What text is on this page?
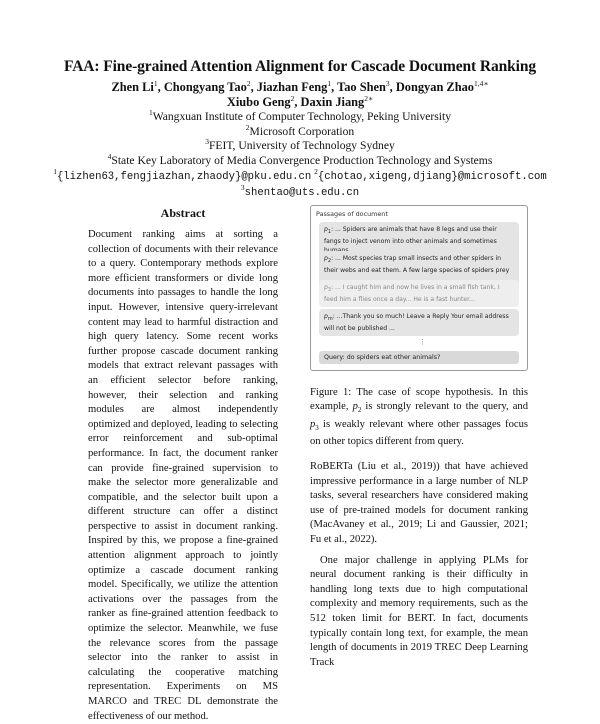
FAA: Fine-grained Attention Alignment for Cascade Document Ranking
Zhen Li$^1$, Chongyang Tao$^2$, Jiazhan Feng$^1$, Tao Shen$^3$, Dongyan Zhao$^{1,4∗}$
Xiubo Geng$^2$, Daxin Jiang$^{2∗}$
$^1$Wangxuan Institute of Computer Technology, Peking University
$^2$Microsoft Corporation
$^3$FEIT, University of Technology Sydney
$^4$State Key Laboratory of Media Convergence Production Technology and Systems
$^1${lizhen63,fengjiazhan,zhaody}@pku.edu.cn $^2${chotao,xigeng,djiang}@microsoft.com
$^3$shentao@uts.edu.cn
Abstract
Document ranking aims at sorting a collection of documents with their relevance to a query. Contemporary methods explore more efficient transformers or divide long documents into passages to handle the long input. However, intensive query-irrelevant content may lead to harmful distraction and high query latency. Some recent works further propose cascade document ranking models that extract relevant passages with an efficient selector before ranking, however, their selection and ranking modules are almost independently optimized and deployed, leading to selecting error reinforcement and sub-optimal performance. In fact, the document ranker can provide fine-grained supervision to make the selector more generalizable and compatible, and the selector built upon a different structure can offer a distinct perspective to assist in document ranking. Inspired by this, we propose a fine-grained attention alignment approach to jointly optimize a cascade document ranking model. Specifically, we utilize the attention activations over the passages from the ranker as fine-grained attention feedback to optimize the selector. Meanwhile, we fuse the relevance scores from the passage selector into the ranker to assist in calculating the cooperative matching representation. Experiments on MS MARCO and TREC DL demonstrate the effectiveness of our method.
Passages of document
$p_1$: ... Spiders are animals that have 8 legs and use their fangs to inject venom into other animals and sometimes
$p_2$: ... Most species trap small insects and other spiders in their webs and eat them. A few large species of spiders prey
$p_3$: ... I caught him and now he lives in a small fish tank, I feed him a flies once a day... He is a fast hunter...
⋮
$p_m$: ...Thank you so much! Leave a Reply Your email address will not be published ...
Query: do spiders eat other animals?
Figure 1: The case of scope hypothesis. In this example, $p_2$ is strongly relevant to the query, and $p_3$ is weakly relevant where other passages focus on other topics different from query.

RoBERTa (Liu et al., 2019)) that have achieved impressive performance in a large number of NLP tasks, several researchers have considered making use of pre-trained models for document ranking (MacAvaney et al., 2019; Li and Gaussier, 2021; Fu et al., 2022).

One major challenge in applying PLMs for neural document ranking is their difficulty in handling long texts due to high computational complexity and memory requirements, such as the 512 token limit for BERT. In fact, documents typically contain long text, for example, the mean length of documents in 2019 TREC Deep Learning Track
